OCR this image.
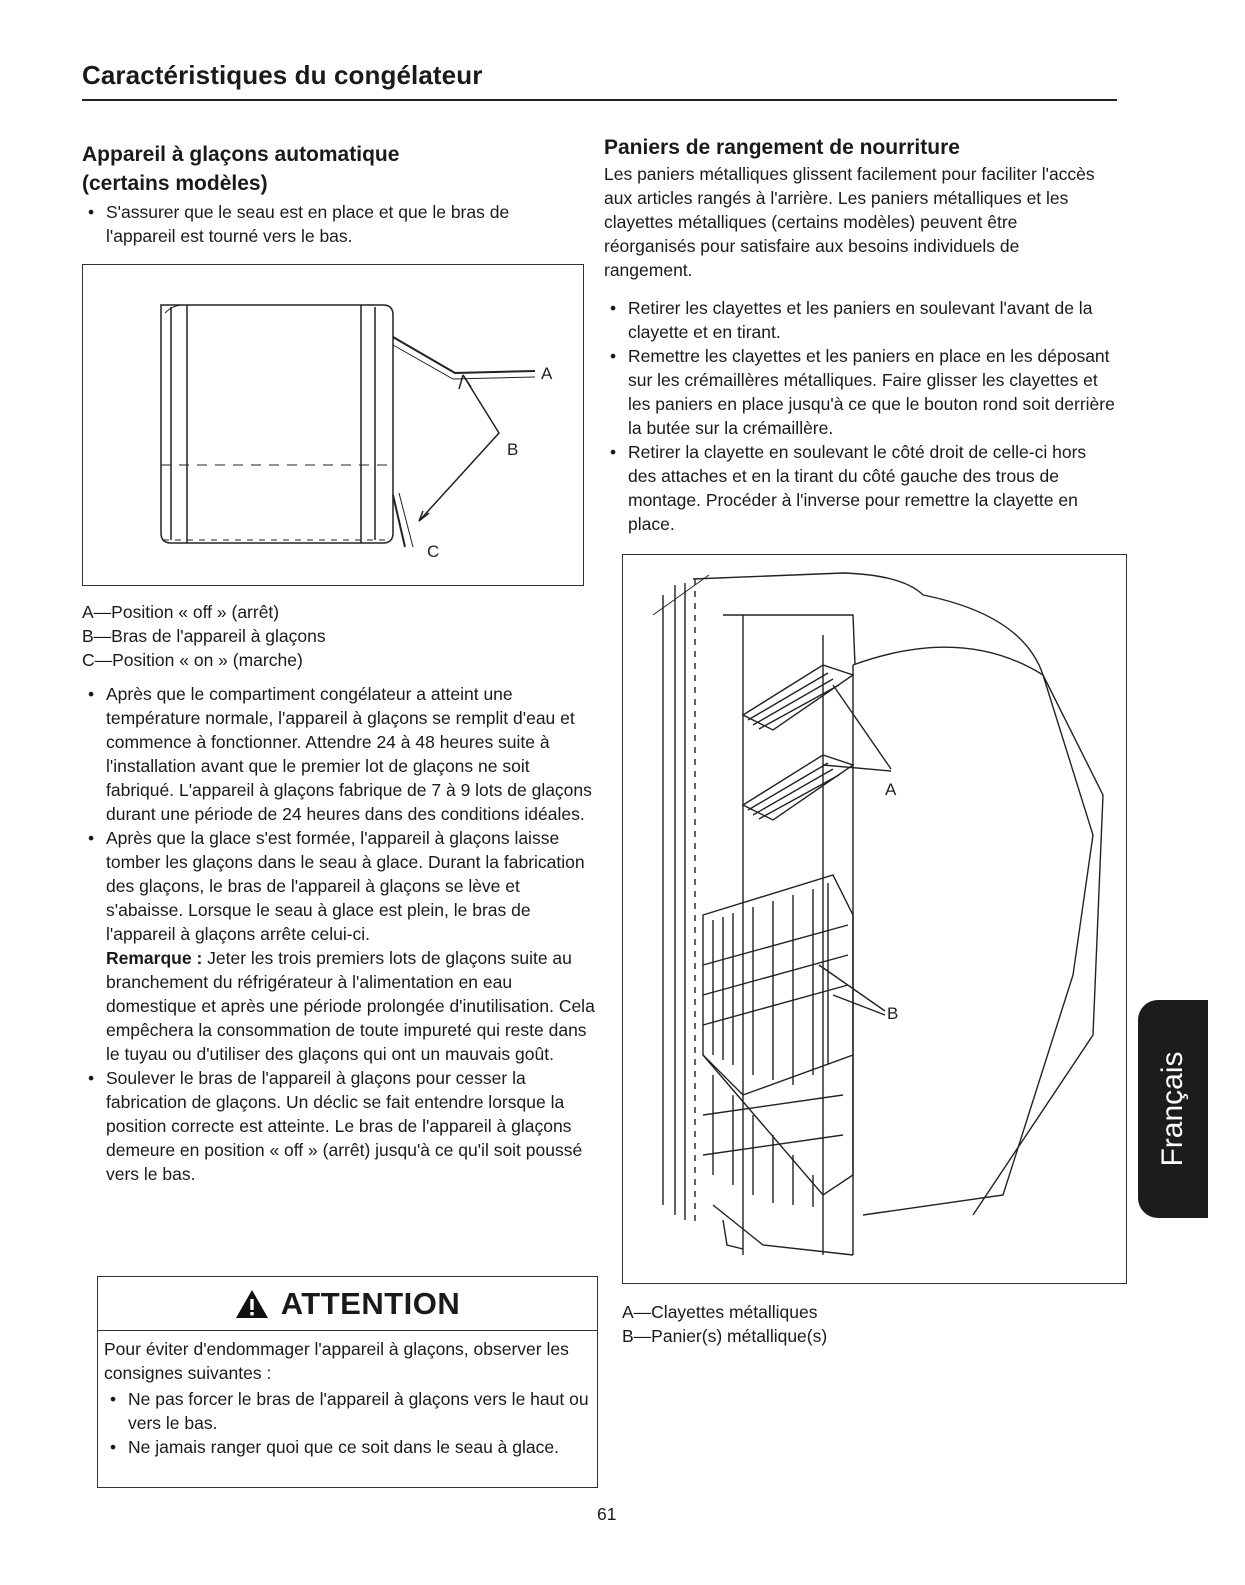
Caractéristiques du congélateur
Appareil à glaçons automatique
(certains modèles)
• S'assurer que le seau est en place et que le bras de l'appareil est tourné vers le bas.
A
B
C
A—Position « off » (arrêt)
B—Bras de l'appareil à glaçons
C—Position « on » (marche)
• Après que le compartiment congélateur a atteint une température normale, l'appareil à glaçons se remplit d'eau et commence à fonctionner. Attendre 24 à 48 heures suite à l'installation avant que le premier lot de glaçons ne soit fabriqué. L'appareil à glaçons fabrique de 7 à 9 lots de glaçons durant une période de 24 heures dans des conditions idéales.
• Après que la glace s'est formée, l'appareil à glaçons laisse tomber les glaçons dans le seau à glace. Durant la fabrication des glaçons, le bras de l'appareil à glaçons se lève et s'abaisse. Lorsque le seau à glace est plein, le bras de l'appareil à glaçons arrête celui-ci.
Remarque : Jeter les trois premiers lots de glaçons suite au branchement du réfrigérateur à l'alimentation en eau domestique et après une période prolongée d'inutilisation. Cela empêchera la consommation de toute impureté qui reste dans le tuyau ou d'utiliser des glaçons qui ont un mauvais goût.
• Soulever le bras de l'appareil à glaçons pour cesser la fabrication de glaçons. Un déclic se fait entendre lorsque la position correcte est atteinte. Le bras de l'appareil à glaçons demeure en position « off » (arrêt) jusqu'à ce qu'il soit poussé vers le bas.
ATTENTION

Pour éviter d'endommager l'appareil à glaçons, observer les consignes suivantes :

• Ne pas forcer le bras de l'appareil à glaçons vers le haut ou vers le bas.
• Ne jamais ranger quoi que ce soit dans le seau à glace.
Paniers de rangement de nourriture

Les paniers métalliques glissent facilement pour faciliter l'accès aux articles rangés à l'arrière. Les paniers métalliques et les clayettes métalliques (certains modèles) peuvent être réorganisés pour satisfaire aux besoins individuels de rangement.

• Retirer les clayettes et les paniers en soulevant l'avant de la clayette et en tirant.
• Remettre les clayettes et les paniers en place en les déposant sur les crémaillères métalliques. Faire glisser les clayettes et les paniers en place jusqu'à ce que le bouton rond soit derrière la butée sur la crémaillère.
• Retirer la clayette en soulevant le côté droit de celle-ci hors des attaches et en la tirant du côté gauche des trous de montage. Procéder à l'inverse pour remettre la clayette en place.
A
B
A—Clayettes métalliques
B—Panier(s) métallique(s)
61
Français
